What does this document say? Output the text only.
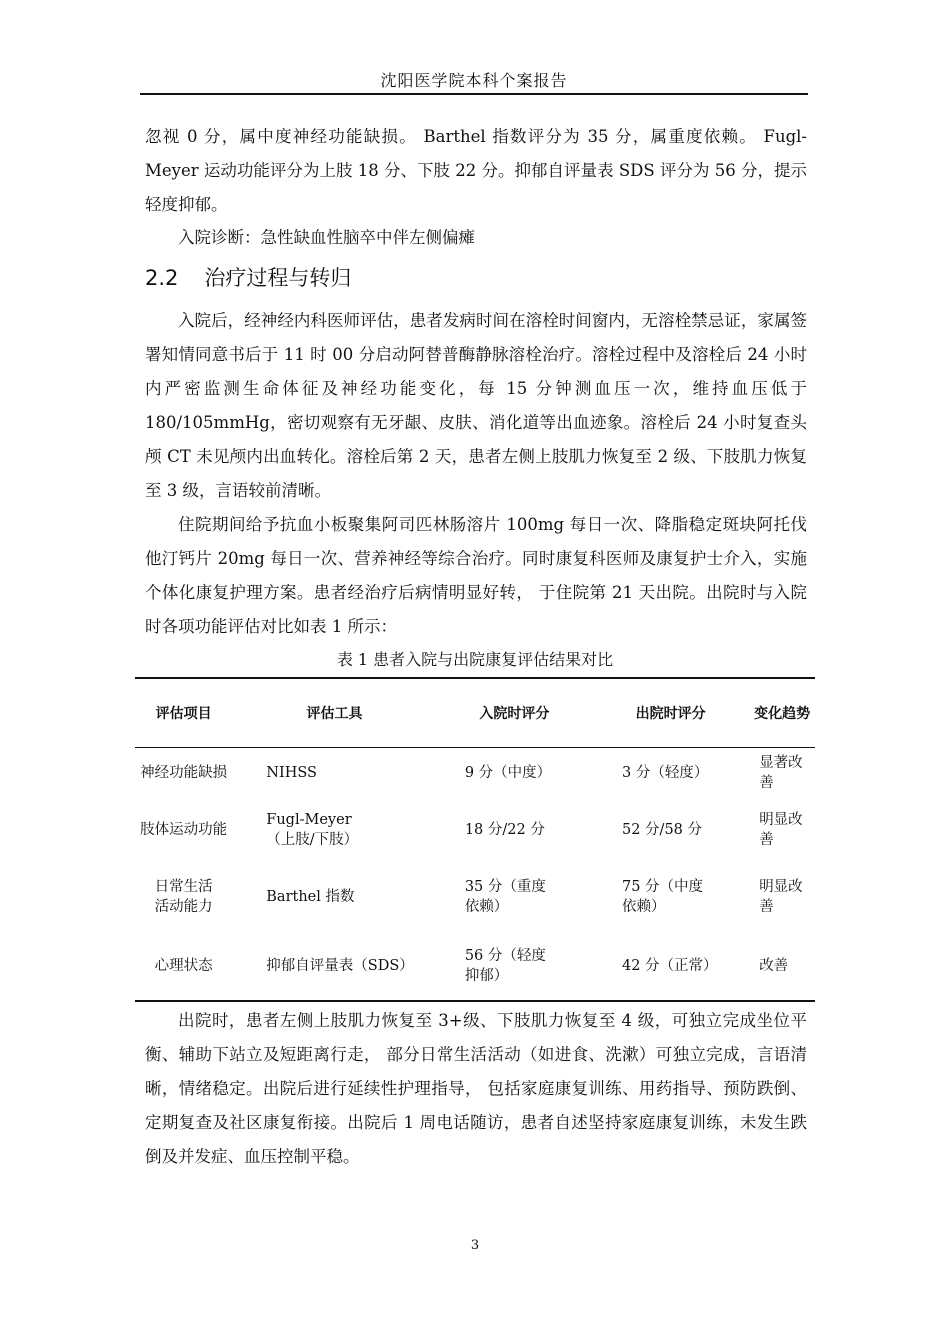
沈阳医学院本科个案报告
忽视 0 分，属中度神经功能缺损。 Barthel 指数评分为 35 分，属重度依赖。 Fugl-Meyer 运动功能评分为上肢 18 分、下肢 22 分。抑郁自评量表 SDS 评分为 56 分，提示轻度抑郁。
入院诊断：急性缺血性脑卒中伴左侧偏瘫
2.2 治疗过程与转归
入院后，经神经内科医师评估，患者发病时间在溶栓时间窗内，无溶栓禁忌证，家属签署知情同意书后于 11 时 00 分启动阿替普酶静脉溶栓治疗。溶栓过程中及溶栓后 24 小时内严密监测生命体征及神经功能变化，每 15 分钟测血压一次，维持血压低于 180/105mmHg，密切观察有无牙龈、皮肤、消化道等出血迹象。溶栓后 24 小时复查头颅 CT 未见颅内出血转化。溶栓后第 2 天，患者左侧上肢肌力恢复至 2 级、下肢肌力恢复至 3 级，言语较前清晰。
住院期间给予抗血小板聚集阿司匹林肠溶片 100mg 每日一次、降脂稳定斑块阿托伐他汀钙片 20mg 每日一次、营养神经等综合治疗。同时康复科医师及康复护士介入，实施个体化康复护理方案。患者经治疗后病情明显好转， 于住院第 21 天出院。出院时与入院时各项功能评估对比如表 1 所示：
表 1 患者入院与出院康复评估结果对比
评估项目	评估工具	入院时评分	出院时评分	变化趋势
神经功能缺损	NIHSS	9 分（中度）	3 分（轻度）	显著改善
肢体运动功能	Fugl-Meyer（上肢/下肢）	18 分/22 分	52 分/58 分	明显改善
日常生活活动能力	Barthel 指数	35 分（重度依赖）	75 分（中度依赖）	明显改善
心理状态	抑郁自评量表（SDS）	56 分（轻度抑郁）	42 分（正常）	改善
出院时，患者左侧上肢肌力恢复至 3+级、下肢肌力恢复至 4 级，可独立完成坐位平衡、辅助下站立及短距离行走， 部分日常生活活动（如进食、洗漱）可独立完成，言语清晰，情绪稳定。出院后进行延续性护理指导， 包括家庭康复训练、用药指导、预防跌倒、定期复查及社区康复衔接。出院后 1 周电话随访，患者自述坚持家庭康复训练，未发生跌倒及并发症、血压控制平稳。
3
